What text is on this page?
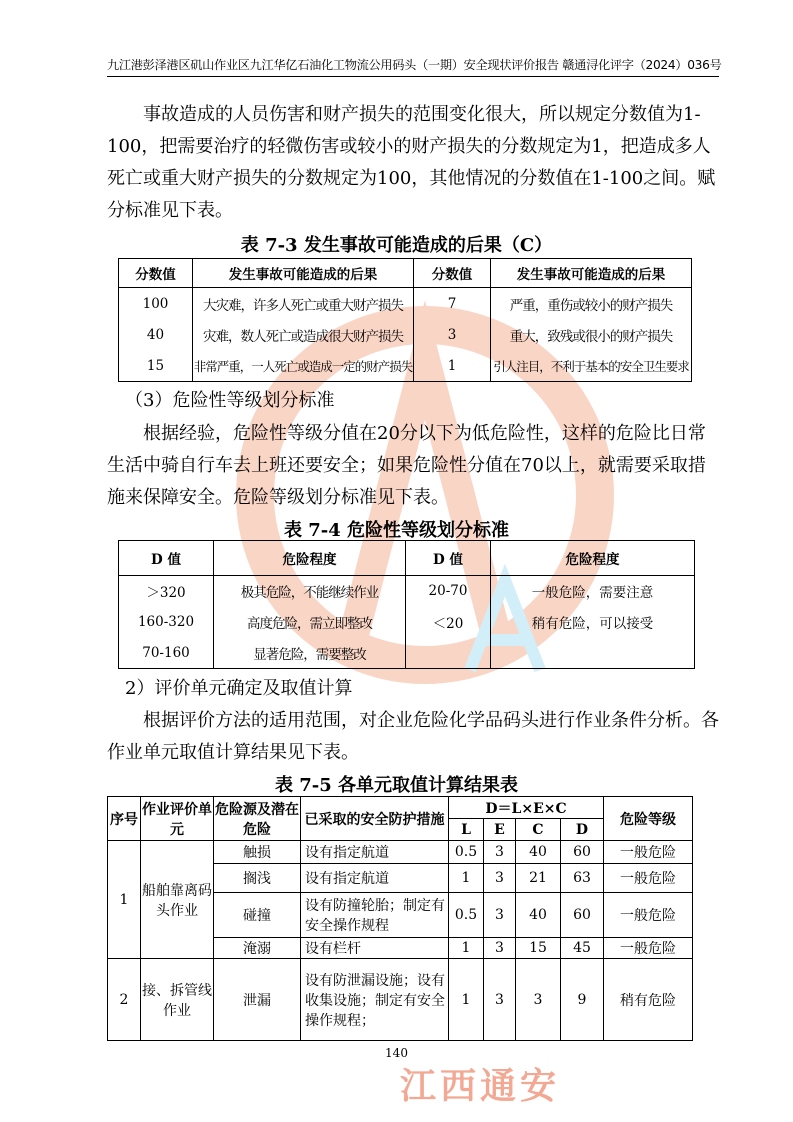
江西通安
九江港彭泽港区矶山作业区九江华亿石油化工物流公用码头（一期）安全现状评价报告 赣通浔化评字（2024）036号
事故造成的人员伤害和财产损失的范围变化很大，所以规定分数值为1-100，把需要治疗的轻微伤害或较小的财产损失的分数规定为1，把造成多人死亡或重大财产损失的分数规定为100，其他情况的分数值在1-100之间。赋分标准见下表。
表 7-3 发生事故可能造成的后果（C）
分数值	发生事故可能造成的后果	分数值	发生事故可能造成的后果
100	大灾难，许多人死亡或重大财产损失	7	严重，重伤或较小的财产损失
40	灾难，数人死亡或造成很大财产损失	3	重大，致残或很小的财产损失
15	非常严重，一人死亡或造成一定的财产损失	1	引人注目，不利于基本的安全卫生要求
（3）危险性等级划分标准
根据经验，危险性等级分值在20分以下为低危险性，这样的危险比日常生活中骑自行车去上班还要安全；如果危险性分值在70以上，就需要采取措施来保障安全。危险等级划分标准见下表。
表 7-4 危险性等级划分标准
D 值	危险程度	D 值	危险程度
＞320	极其危险，不能继续作业	20-70	一般危险，需要注意
160-320	高度危险，需立即整改	＜20	稍有危险，可以接受
70-160	显著危险，需要整改		
2）评价单元确定及取值计算
根据评价方法的适用范围，对企业危险化学品码头进行作业条件分析。各作业单元取值计算结果见下表。
表 7-5 各单元取值计算结果表
序号	作业评价单元	危险源及潜在危险	已采取的安全防护措施	D＝L×E×C				危险等级
				L	E	C	D	
1	船舶靠离码头作业	触损	设有指定航道	0.5	3	40	60	一般危险
		搁浅	设有指定航道	1	3	21	63	一般危险
		碰撞	设有防撞轮胎；制定有安全操作规程	0.5	3	40	60	一般危险
		淹溺	设有栏杆	1	3	15	45	一般危险
2	接、拆管线作业	泄漏	设有防泄漏设施；设有收集设施；制定有安全操作规程；	1	3	3	9	稍有危险
140
